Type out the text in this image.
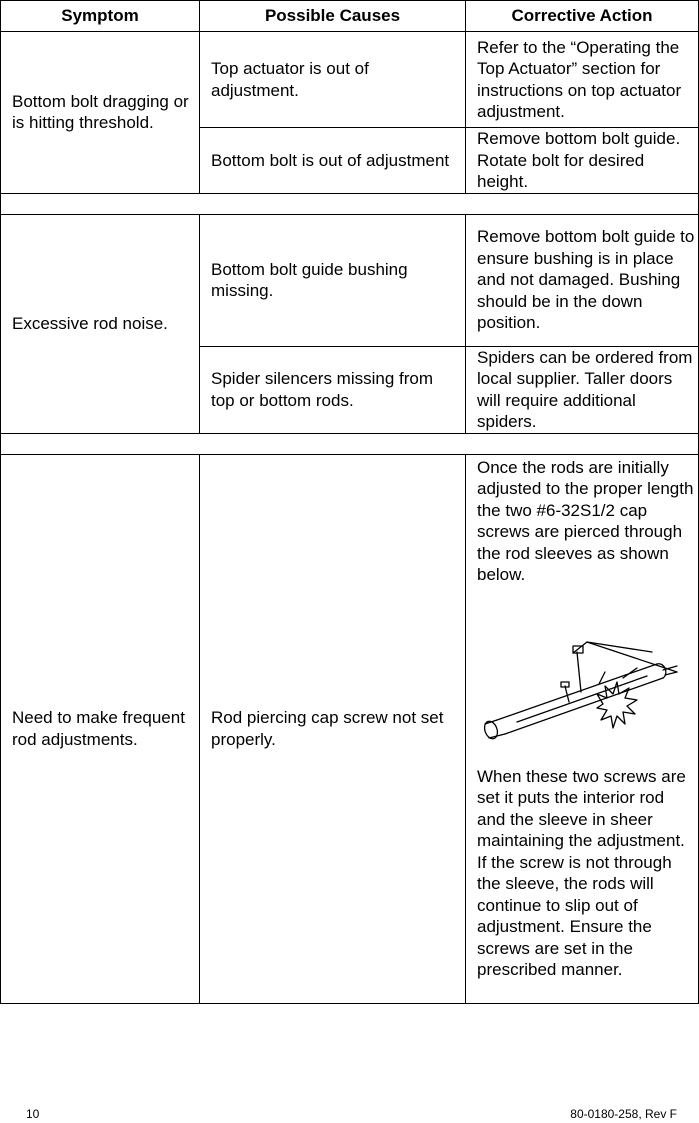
Symptom	Possible Causes	Corrective Action
Bottom bolt dragging or is hitting threshold.	Top actuator is out of adjustment.	Refer to the “Operating the Top Actuator” section for instructions on top actuator adjustment.
	Bottom bolt is out of adjustment	Remove bottom bolt guide. Rotate bolt for desired height.

Excessive rod noise.	Bottom bolt guide bushing missing.	Remove bottom bolt guide to ensure bushing is in place and not damaged. Bushing should be in the down position.
	Spider silencers missing from top or bottom rods.	Spiders can be ordered from local supplier. Taller doors will require additional spiders.

Need to make frequent rod adjustments.	Rod piercing cap screw not set properly.	Once the rods are initially adjusted to the proper length the two #6-32S1/2 cap screws are pierced through the rod sleeves as shown below.
When these two screws are set it puts the interior rod and the sleeve in sheer maintaining the adjustment. If the screw is not through the sleeve, the rods will continue to slip out of adjustment. Ensure the screws are set in the prescribed manner.
10	80-0180-258, Rev F
